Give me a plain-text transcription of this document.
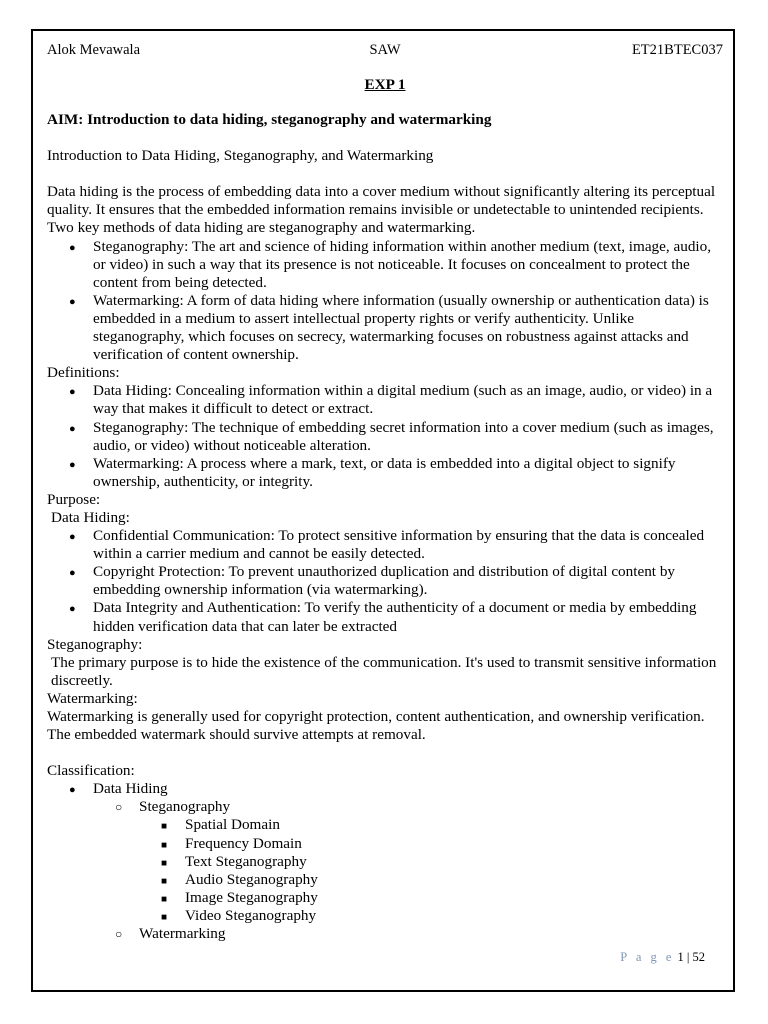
Alok Mevawala	SAW	ET21BTEC037

EXP 1

AIM: Introduction to data hiding, steganography and watermarking

Introduction to Data Hiding, Steganography, and Watermarking

Data hiding is the process of embedding data into a cover medium without significantly altering its perceptual quality. It ensures that the embedded information remains invisible or undetectable to unintended recipients. Two key methods of data hiding are steganography and watermarking.

● Steganography: The art and science of hiding information within another medium (text, image, audio, or video) in such a way that its presence is not noticeable. It focuses on concealment to protect the content from being detected.
● Watermarking: A form of data hiding where information (usually ownership or authentication data) is embedded in a medium to assert intellectual property rights or verify authenticity. Unlike steganography, which focuses on secrecy, watermarking focuses on robustness against attacks and verification of content ownership.

Definitions:

● Data Hiding: Concealing information within a digital medium (such as an image, audio, or video) in a way that makes it difficult to detect or extract.
● Steganography: The technique of embedding secret information into a cover medium (such as images, audio, or video) without noticeable alteration.
● Watermarking: A process where a mark, text, or data is embedded into a digital object to signify ownership, authenticity, or integrity.

Purpose:

Data Hiding:

● Confidential Communication: To protect sensitive information by ensuring that the data is concealed within a carrier medium and cannot be easily detected.
● Copyright Protection: To prevent unauthorized duplication and distribution of digital content by embedding ownership information (via watermarking).
● Data Integrity and Authentication: To verify the authenticity of a document or media by embedding hidden verification data that can later be extracted

Steganography:

The primary purpose is to hide the existence of the communication. It's used to transmit sensitive information discreetly.

Watermarking:

Watermarking is generally used for copyright protection, content authentication, and ownership verification. The embedded watermark should survive attempts at removal.

Classification:

● Data Hiding
○ Steganography
■ Spatial Domain
■ Frequency Domain
■ Text Steganography
■ Audio Steganography
■ Image Steganography
■ Video Steganography
○ Watermarking
P a g e 1 | 52
